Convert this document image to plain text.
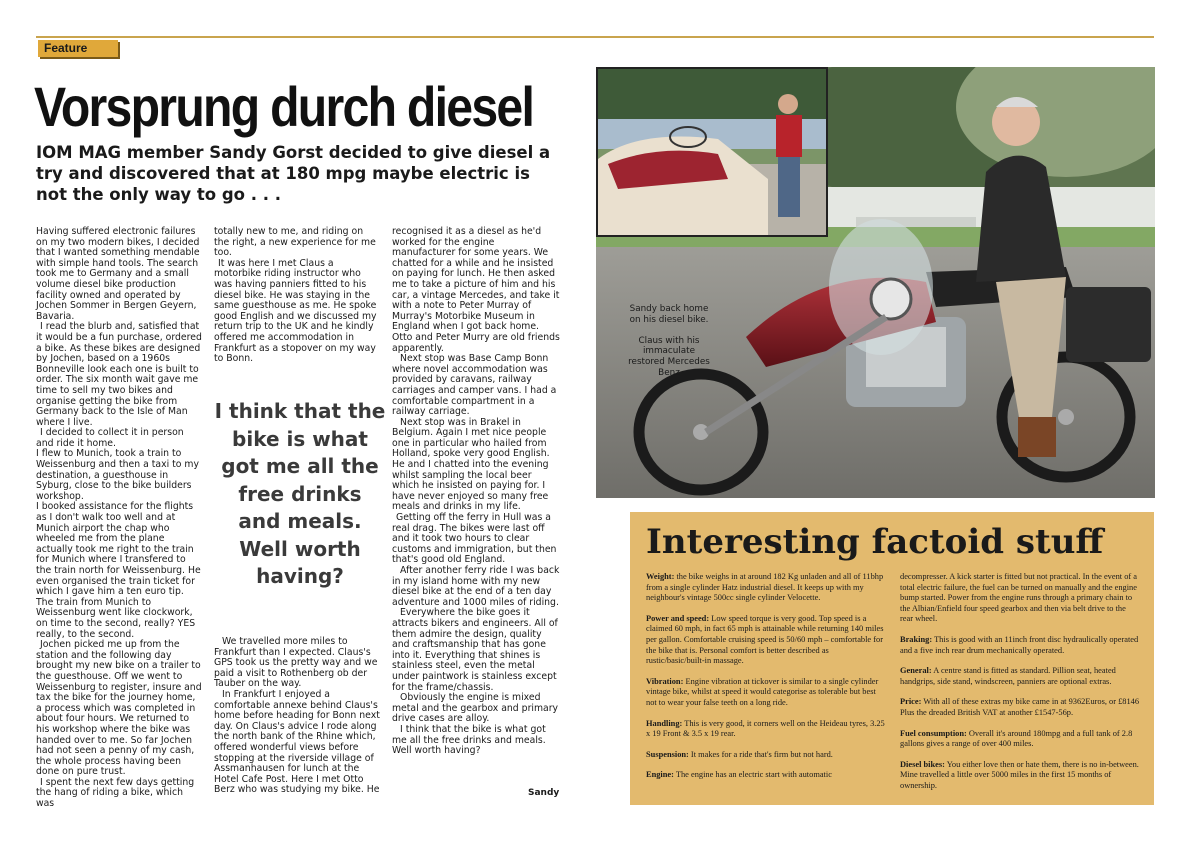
Feature
Vorsprung durch diesel
IOM MAG member Sandy Gorst decided to give diesel a try and discovered that at 180 mpg maybe electric is not the only way to go . . .

Having suffered electronic failures on my two modern bikes, I decided that I wanted something mendable with simple hand tools. The search took me to Germany and a small volume diesel bike production facility owned and operated by Jochen Sommer in Bergen Geyern, Bavaria.

I read the blurb and, satisfied that it would be a fun purchase, ordered a bike. As these bikes are designed by Jochen, based on a 1960s Bonneville look each one is built to order. The six month wait gave me time to sell my two bikes and organise getting the bike from Germany back to the Isle of Man where I live.

I decided to collect it in person and ride it home.

I flew to Munich, took a train to Weissenburg and then a taxi to my destination, a guesthouse in Syburg, close to the bike builders workshop.

I booked assistance for the flights as I don't walk too well and at Munich airport the chap who wheeled me from the plane actually took me right to the train for Munich where I transfered to the train north for Weissenburg. He even organised the train ticket for which I gave him a ten euro tip. The train from Munich to Weissenburg went like clockwork, on time to the second, really? YES really, to the second.

Jochen picked me up from the station and the following day brought my new bike on a trailer to the guesthouse. Off we went to Weissenburg to register, insure and tax the bike for the journey home, a process which was completed in about four hours. We returned to his workshop where the bike was handed over to me. So far Jochen had not seen a penny of my cash, the whole process having been done on pure trust.

I spent the next few days getting the hang of riding a bike, which was

totally new to me, and riding on the right, a new experience for me too.

It was here I met Claus a motorbike riding instructor who was having panniers fitted to his diesel bike. He was staying in the same guesthouse as me. He spoke good English and we discussed my return trip to the UK and he kindly offered me accommodation in Frankfurt as a stopover on my way to Bonn.

I think that the bike is what got me all the free drinks and meals. Well worth having?

We travelled more miles to Frankfurt than I expected. Claus's GPS took us the pretty way and we paid a visit to Rothenberg ob der Tauber on the way.

In Frankfurt I enjoyed a comfortable annexe behind Claus's home before heading for Bonn next day. On Claus's advice I rode along the north bank of the Rhine which, offered wonderful views before stopping at the riverside village of Assmanhausen for lunch at the Hotel Cafe Post. Here I met Otto Berz who was studying my bike. He

recognised it as a diesel as he'd worked for the engine manufacturer for some years. We chatted for a while and he insisted on paying for lunch. He then asked me to take a picture of him and his car, a vintage Mercedes, and take it with a note to Peter Murray of Murray's Motorbike Museum in England when I got back home. Otto and Peter Murry are old friends apparently.

Next stop was Base Camp Bonn where novel accommodation was provided by caravans, railway carriages and camper vans. I had a comfortable compartment in a railway carriage.

Next stop was in Brakel in Belgium. Again I met nice people one in particular who hailed from Holland, spoke very good English. He and I chatted into the evening whilst sampling the local beer which he insisted on paying for. I have never enjoyed so many free meals and drinks in my life.

Getting off the ferry in Hull was a real drag. The bikes were last off and it took two hours to clear customs and immigration, but then that's good old England.

After another ferry ride I was back in my island home with my new diesel bike at the end of a ten day adventure and 1000 miles of riding.

Everywhere the bike goes it attracts bikers and engineers. All of them admire the design, quality and craftsmanship that has gone into it. Everything that shines is stainless steel, even the metal under paintwork is stainless except for the frame/chassis.

Obviously the engine is mixed metal and the gearbox and primary drive cases are alloy.

I think that the bike is what got me all the free drinks and meals. Well worth having?

Sandy

Sandy back home on his diesel bike.

Claus with his immaculate restored Mercedes Benz

Interesting factoid stuff

Weight: the bike weighs in at around 182 Kg unladen and all of 11bhp from a single cylinder Hatz industrial diesel. It keeps up with my neighbour's vintage 500cc single cylinder Velocette.

Power and speed: Low speed torque is very good. Top speed is a claimed 60 mph, in fact 65 mph is attainable while returning 140 miles per gallon. Comfortable cruising speed is 50/60 mph – comfortable for the bike that is. Personal comfort is better described as rustic/basic/built-in massage.

Vibration: Engine vibration at tickover is similar to a single cylinder vintage bike, whilst at speed it would categorise as tolerable but best not to wear your false teeth on a long ride.

Handling: This is very good, it corners well on the Heideau tyres, 3.25 x 19 Front & 3.5 x 19 rear.

Suspension: It makes for a ride that's firm but not hard.

Engine: The engine has an electric start with automatic

decompresser. A kick starter is fitted but not practical. In the event of a total electric failure, the fuel can be turned on manually and the engine bump started. Power from the engine runs through a primary chain to the Albian/Enfield four speed gearbox and then via belt drive to the rear wheel.

Braking: This is good with an 11inch front disc hydraulically operated and a five inch rear drum mechanically operated.

General: A centre stand is fitted as standard. Pillion seat, heated handgrips, side stand, windscreen, panniers are optional extras.

Price: With all of these extras my bike came in at 9362Euros, or £8146 Plus the dreaded British VAT at another £1547-56p.

Fuel consumption: Overall it's around 180mpg and a full tank of 2.8 gallons gives a range of over 400 miles.

Diesel bikes: You either love then or hate them, there is no in-between. Mine travelled a little over 5000 miles in the first 15 months of ownership.
